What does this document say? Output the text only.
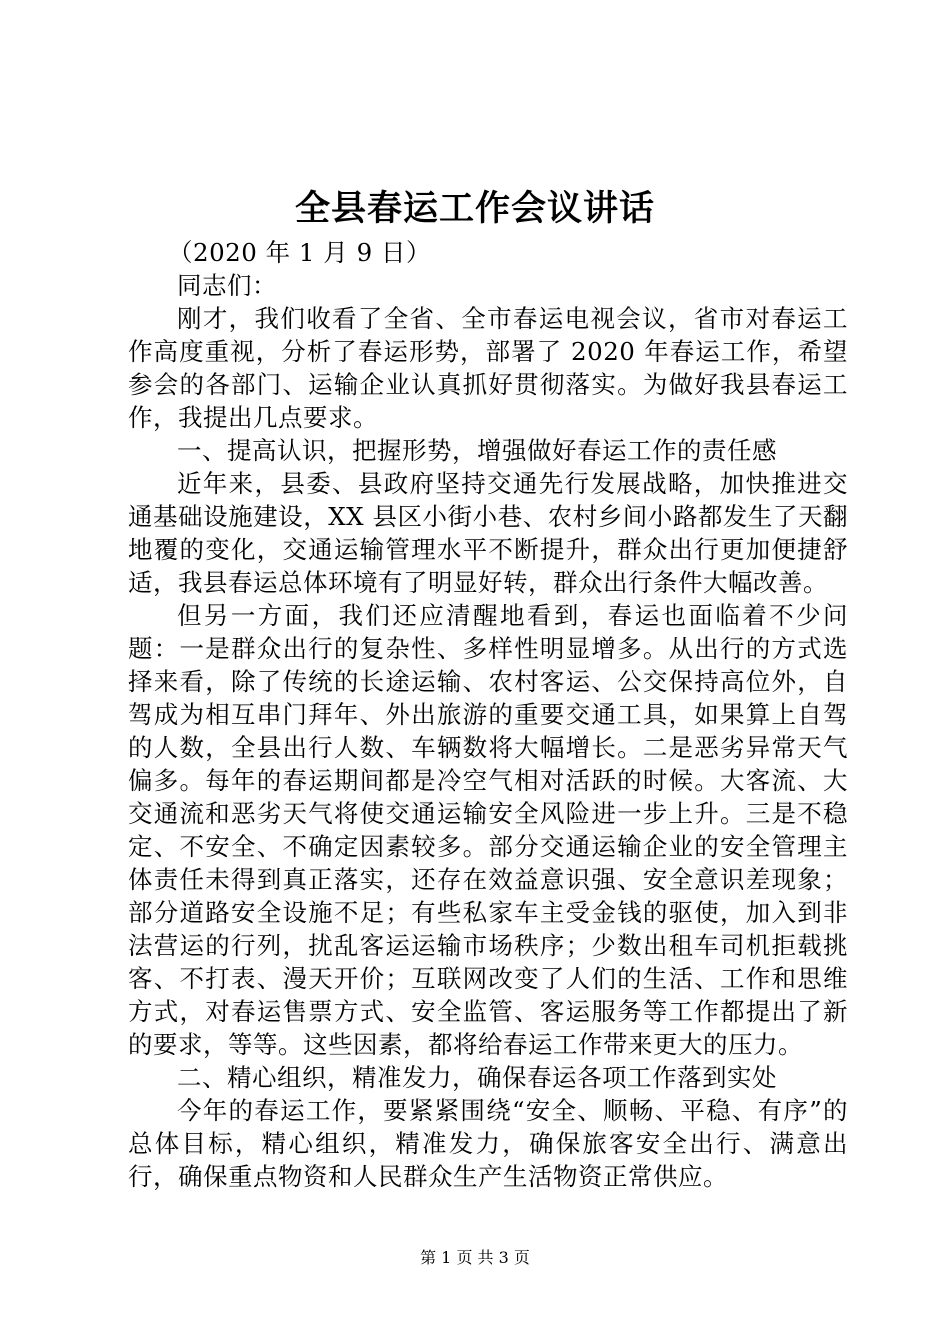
全县春运工作会议讲话

（2020 年 1 月 9 日）

同志们：

刚才，我们收看了全省、全市春运电视会议，省市对春运工作高度重视，分析了春运形势，部署了 2020 年春运工作，希望参会的各部门、运输企业认真抓好贯彻落实。为做好我县春运工作，我提出几点要求。

一、提高认识，把握形势，增强做好春运工作的责任感

近年来，县委、县政府坚持交通先行发展战略，加快推进交通基础设施建设，XX 县区小街小巷、农村乡间小路都发生了天翻地覆的变化，交通运输管理水平不断提升，群众出行更加便捷舒适，我县春运总体环境有了明显好转，群众出行条件大幅改善。

但另一方面，我们还应清醒地看到，春运也面临着不少问题：一是群众出行的复杂性、多样性明显增多。从出行的方式选择来看，除了传统的长途运输、农村客运、公交保持高位外，自驾成为相互串门拜年、外出旅游的重要交通工具，如果算上自驾的人数，全县出行人数、车辆数将大幅增长。二是恶劣异常天气偏多。每年的春运期间都是冷空气相对活跃的时候。大客流、大交通流和恶劣天气将使交通运输安全风险进一步上升。三是不稳定、不安全、不确定因素较多。部分交通运输企业的安全管理主体责任未得到真正落实，还存在效益意识强、安全意识差现象；部分道路安全设施不足；有些私家车主受金钱的驱使，加入到非法营运的行列，扰乱客运运输市场秩序；少数出租车司机拒载挑客、不打表、漫天开价；互联网改变了人们的生活、工作和思维方式，对春运售票方式、安全监管、客运服务等工作都提出了新的要求，等等。这些因素，都将给春运工作带来更大的压力。

二、精心组织，精准发力，确保春运各项工作落到实处

今年的春运工作，要紧紧围绕“安全、顺畅、平稳、有序”的总体目标，精心组织，精准发力，确保旅客安全出行、满意出行，确保重点物资和人民群众生产生活物资正常供应。

第 1 页 共 3 页
